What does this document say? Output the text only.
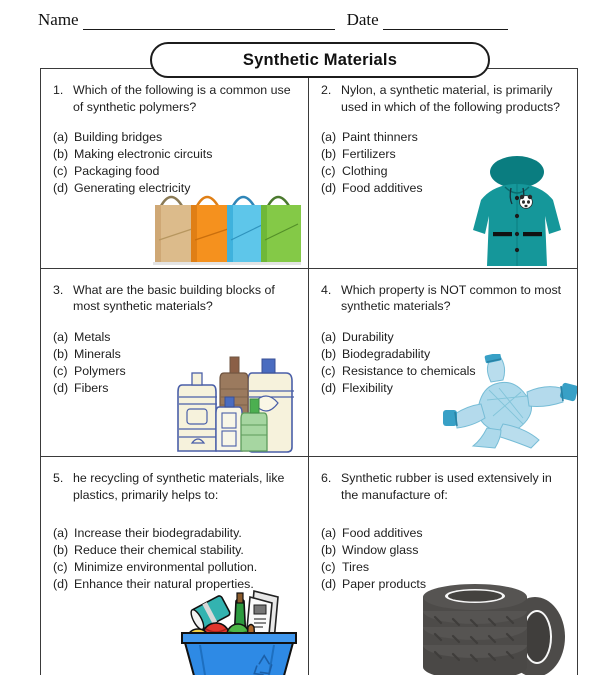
Name	Date
Synthetic Materials
1. Which of the following is a common use of synthetic polymers?
(a) Building bridges
(b) Making electronic circuits
(c) Packaging food
(d) Generating electricity
2. Nylon, a synthetic material, is primarily used in which of the following products?
(a) Paint thinners
(b) Fertilizers
(c) Clothing
(d) Food additives
3. What are the basic building blocks of most synthetic materials?
(a) Metals
(b) Minerals
(c) Polymers
(d) Fibers
4. Which property is NOT common to most synthetic materials?
(a) Durability
(b) Biodegradability
(c) Resistance to chemicals
(d) Flexibility
5. he recycling of synthetic materials, like plastics, primarily helps to:
(a) Increase their biodegradability.
(b) Reduce their chemical stability.
(c) Minimize environmental pollution.
(d) Enhance their natural properties.
6. Synthetic rubber is used extensively in the manufacture of:
(a) Food additives
(b) Window glass
(c) Tires
(d) Paper products
